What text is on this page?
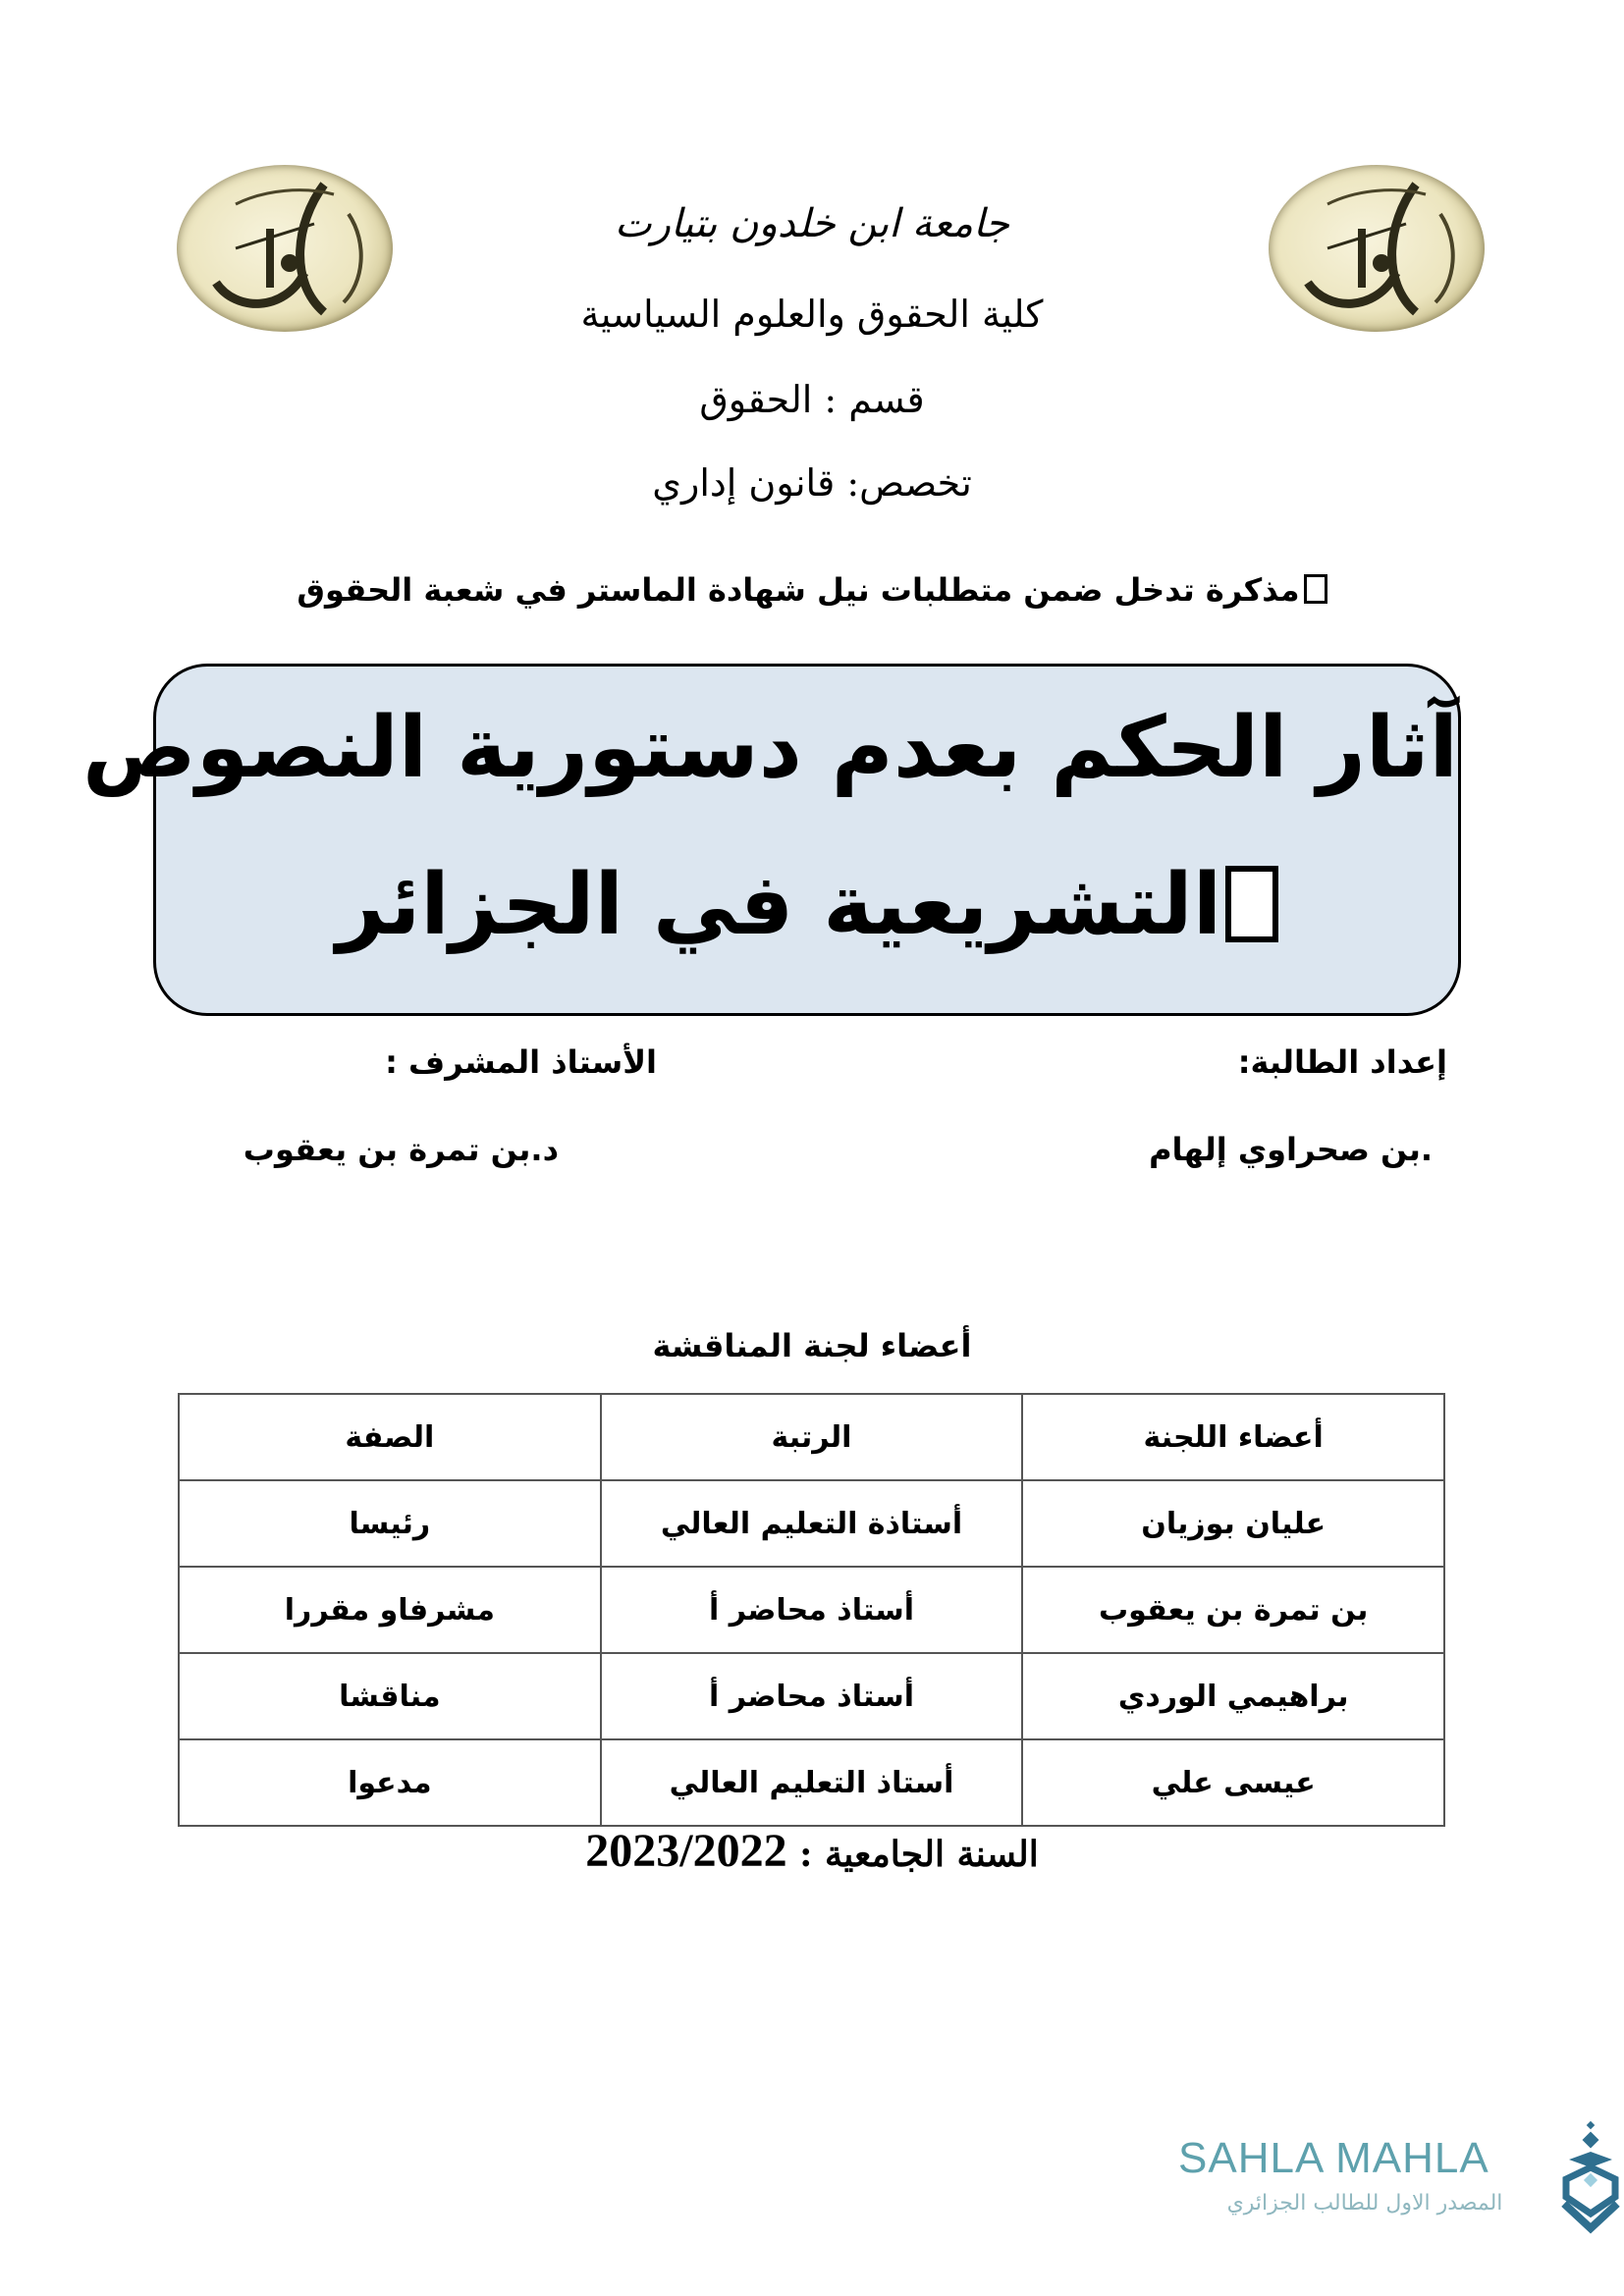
جامعة ابن خلدون بتيارت
كلية الحقوق والعلوم السياسية
قسم : الحقوق
تخصص: قانون إداري
مذكرة تدخل ضمن متطلبات نيل شهادة الماستر في شعبة الحقوق
آثار الحكم بعدم دستورية النصوص
التشريعية في الجزائر
إعداد الطالبة:
الأستاذ المشرف :
.بن صحراوي إلهام
د.بن تمرة بن يعقوب
أعضاء لجنة المناقشة
أعضاء اللجنة	الرتبة	الصفة
عليان بوزيان	أستاذة التعليم العالي	رئيسا
بن تمرة بن يعقوب	أستاذ محاضر أ	مشرفاو مقررا
براهيمي الوردي	أستاذ محاضر أ	مناقشا
عيسى علي	أستاذ التعليم العالي	مدعوا
السنة الجامعية : 2023/2022
SAHLA MAHLA
المصدر الاول للطالب الجزائري
